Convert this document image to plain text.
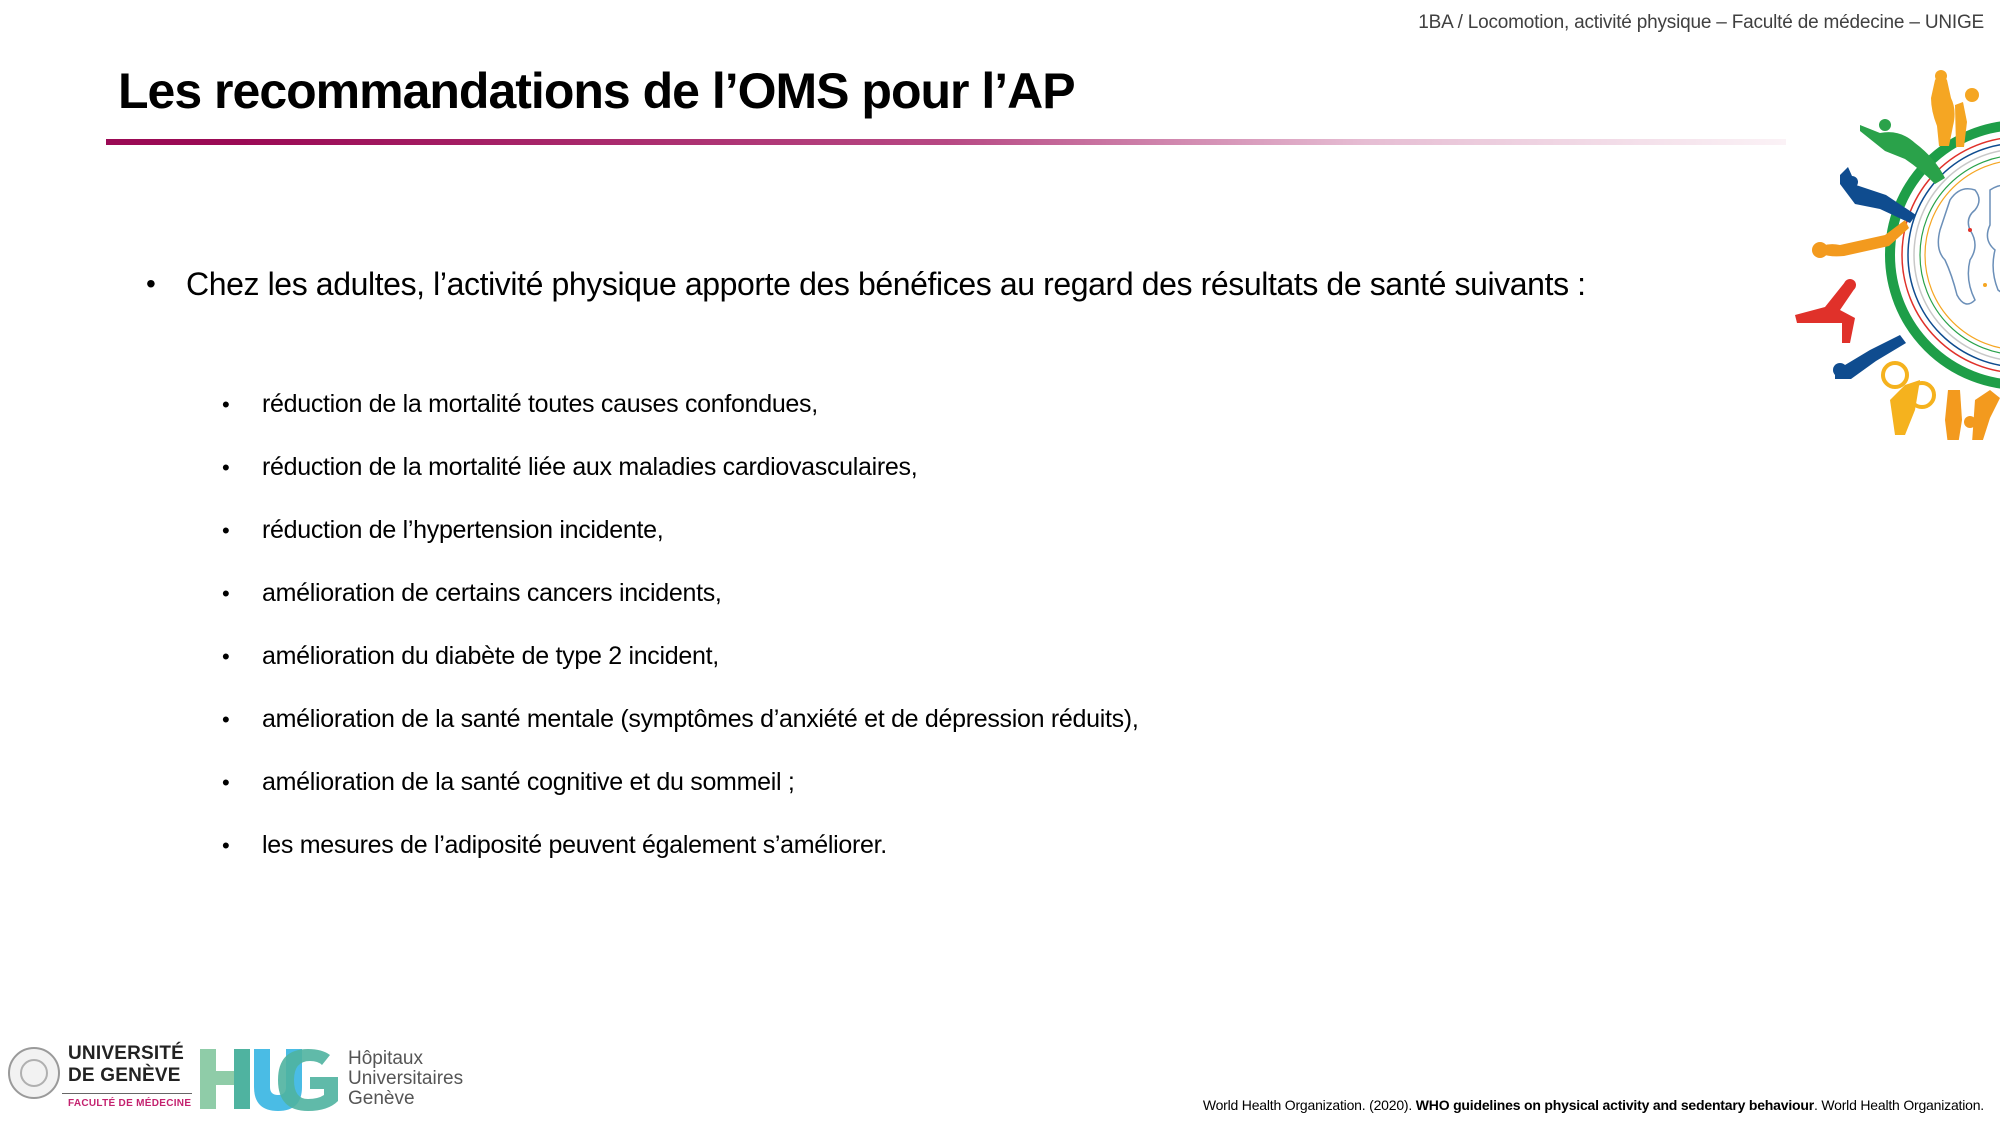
1BA / Locomotion, activité physique – Faculté de médecine – UNIGE
Les recommandations de l’OMS pour l’AP
• Chez les adultes, l’activité physique apporte des bénéfices au regard des résultats de santé suivants :
•	réduction de la mortalité toutes causes confondues,
•	réduction de la mortalité liée aux maladies cardiovasculaires,
•	réduction de l’hypertension incidente,
•	amélioration de certains cancers incidents,
•	amélioration du diabète de type 2 incident,
•	amélioration de la santé mentale (symptômes d’anxiété et de dépression réduits),
•	amélioration de la santé cognitive et du sommeil ;
•	les mesures de l’adiposité peuvent également s’améliorer.
UNIVERSITÉ
DE GENÈVE
FACULTÉ DE MÉDECINE
Hôpitaux
Universitaires
Genève	World Health Organization. (2020). WHO guidelines on physical activity and sedentary behaviour. World Health Organization.
